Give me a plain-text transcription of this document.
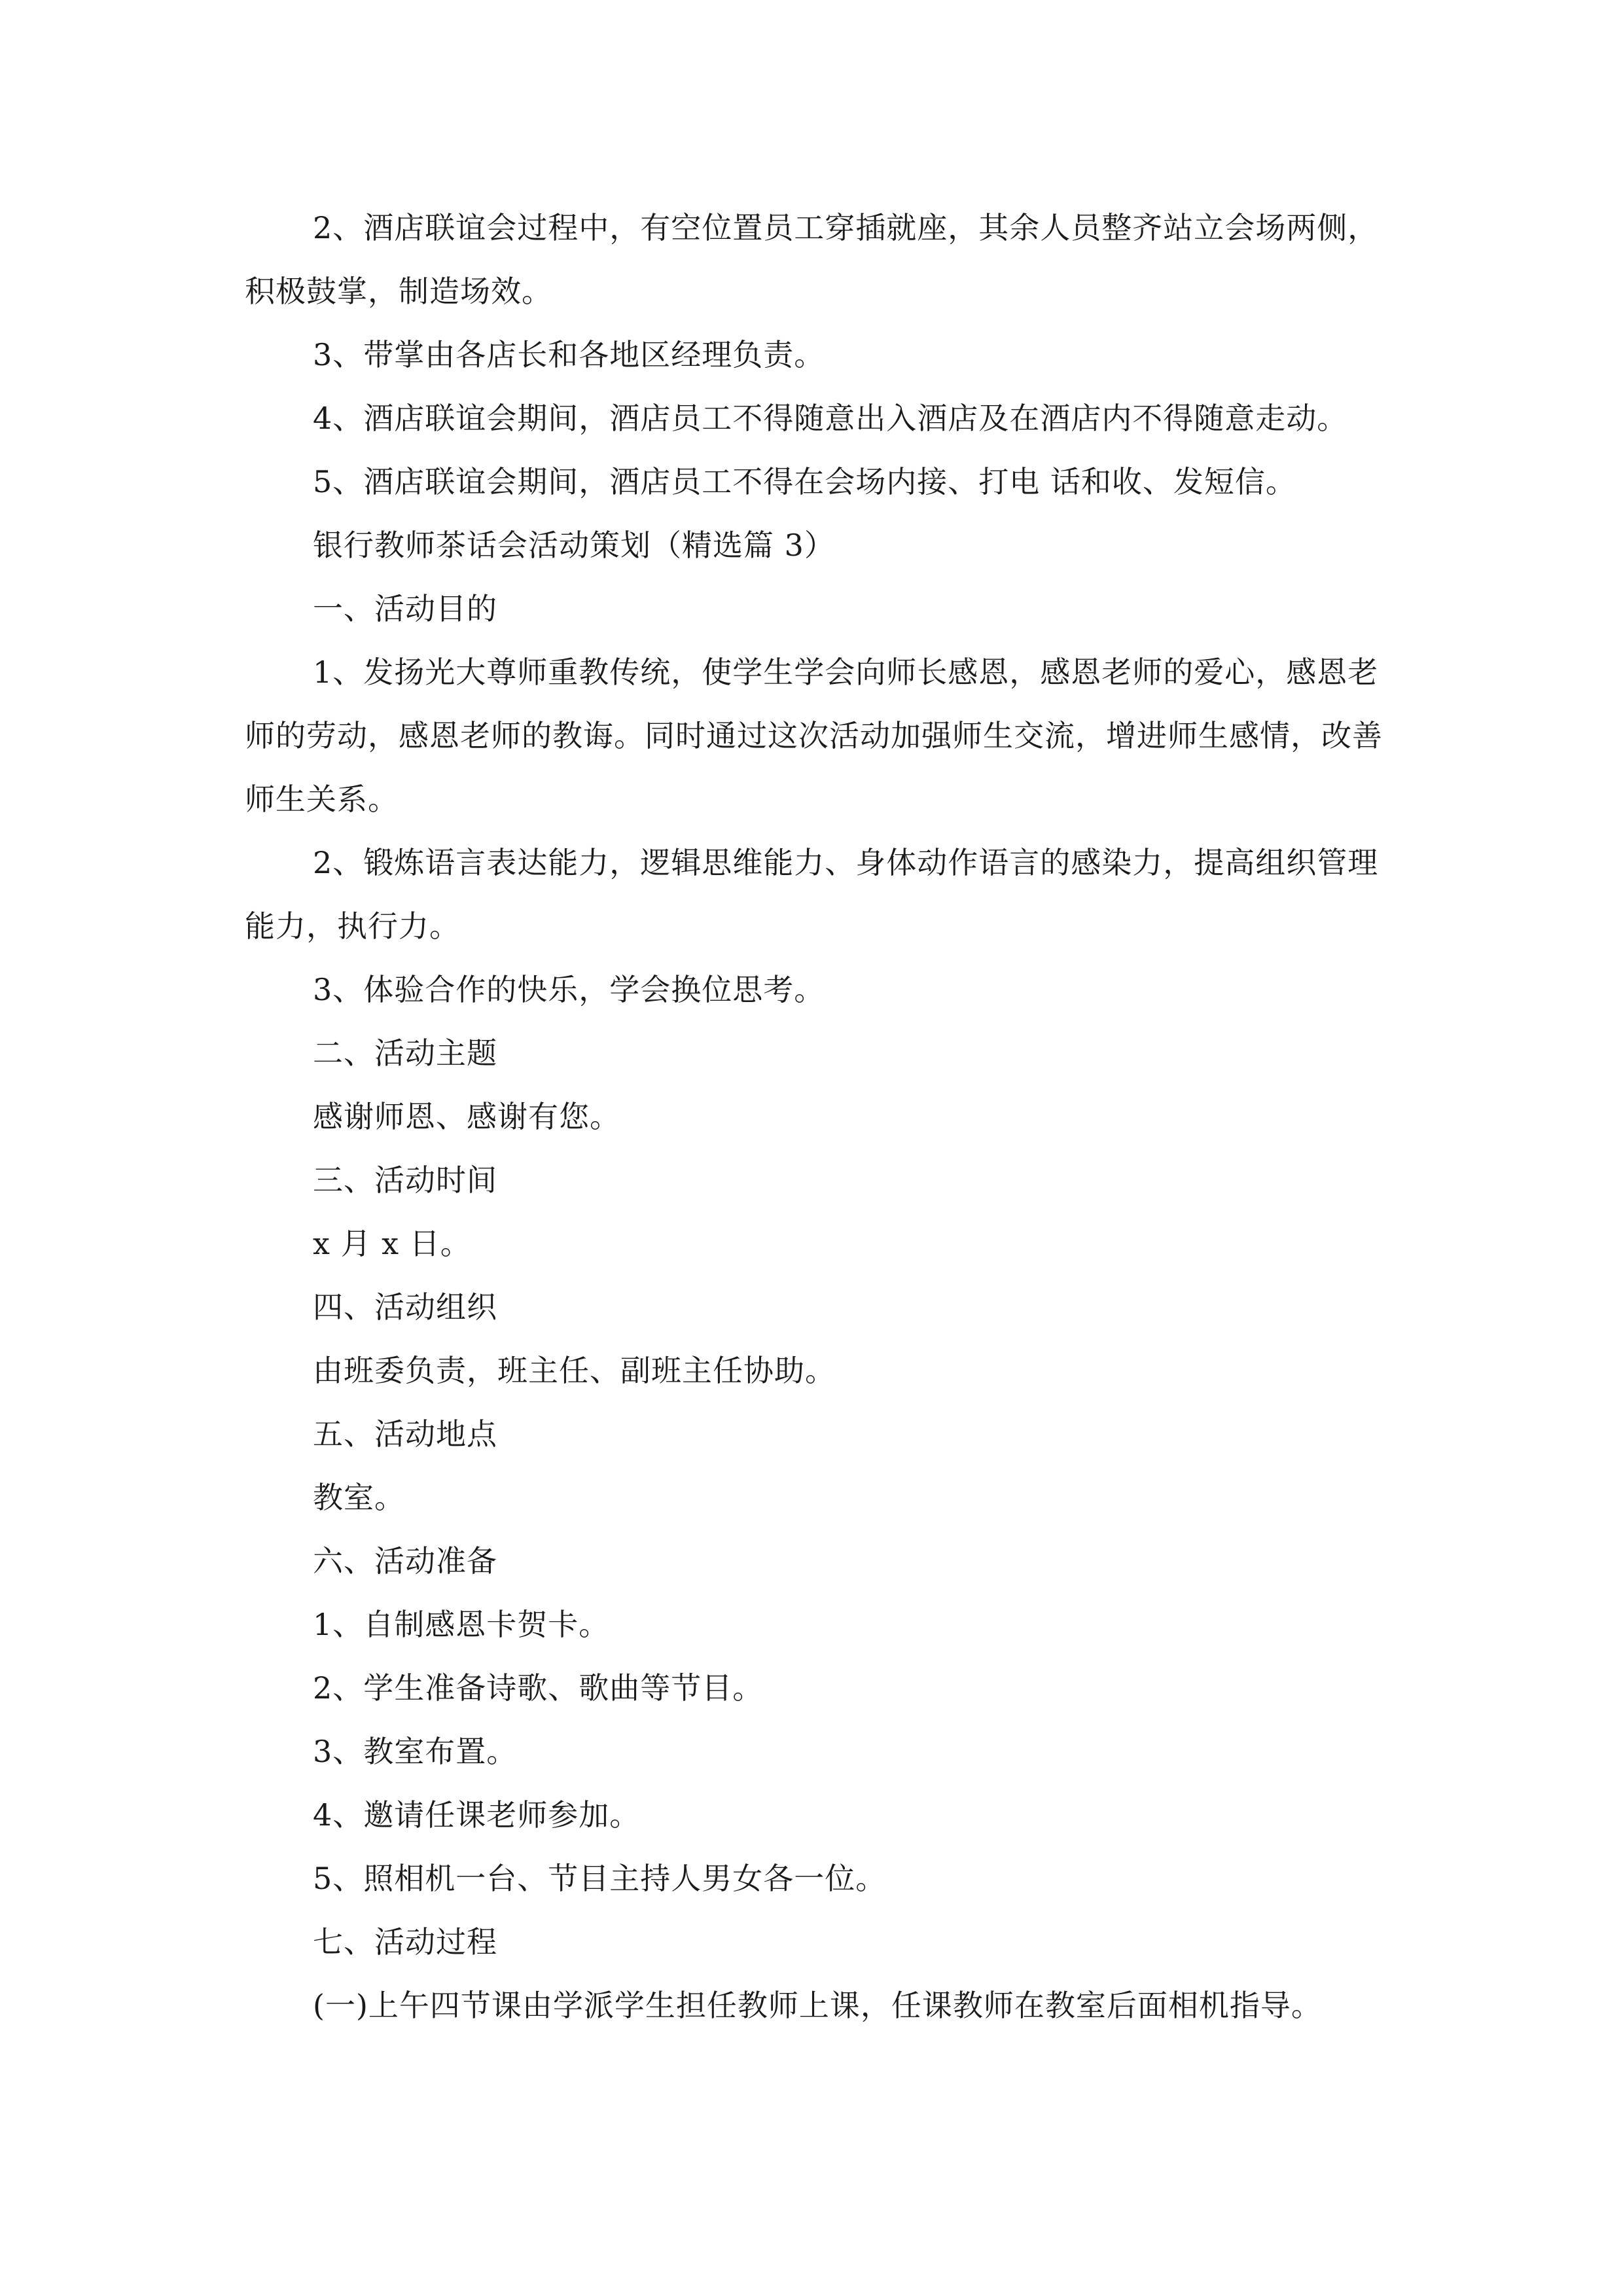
2、酒店联谊会过程中，有空位置员工穿插就座，其余人员整齐站立会场两侧，积极鼓掌，制造场效。

3、带掌由各店长和各地区经理负责。

4、酒店联谊会期间，酒店员工不得随意出入酒店及在酒店内不得随意走动。

5、酒店联谊会期间，酒店员工不得在会场内接、打电 话和收、发短信。

银行教师茶话会活动策划（精选篇 3）

一、活动目的

1、发扬光大尊师重教传统，使学生学会向师长感恩，感恩老师的爱心，感恩老师的劳动，感恩老师的教诲。同时通过这次活动加强师生交流，增进师生感情，改善师生关系。

2、锻炼语言表达能力，逻辑思维能力、身体动作语言的感染力，提高组织管理能力，执行力。

3、体验合作的快乐，学会换位思考。

二、活动主题

感谢师恩、感谢有您。

三、活动时间

x 月 x 日。

四、活动组织

由班委负责，班主任、副班主任协助。

五、活动地点

教室。

六、活动准备

1、自制感恩卡贺卡。

2、学生准备诗歌、歌曲等节目。

3、教室布置。

4、邀请任课老师参加。

5、照相机一台、节目主持人男女各一位。

七、活动过程

(一)上午四节课由学派学生担任教师上课，任课教师在教室后面相机指导。
